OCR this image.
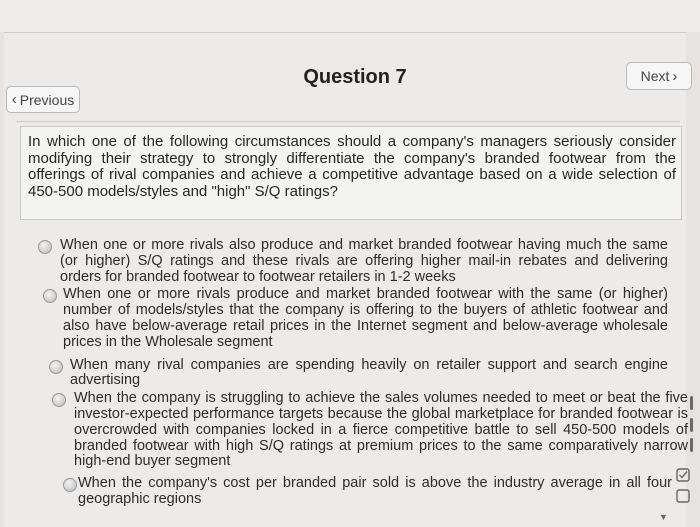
‹ Previous
Question 7	Next ›

In which one of the following circumstances should a company's managers seriously consider modifying their strategy to strongly differentiate the company's branded footwear from the offerings of rival companies and achieve a competitive advantage based on a wide selection of 450-500 models/styles and "high" S/Q ratings?

When one or more rivals also produce and market branded footwear having much the same (or higher) S/Q ratings and these rivals are offering higher mail-in rebates and delivering orders for branded footwear to footwear retailers in 1-2 weeks
When one or more rivals produce and market branded footwear with the same (or higher) number of models/styles that the company is offering to the buyers of athletic footwear and also have below-average retail prices in the Internet segment and below-average wholesale prices in the Wholesale segment
When many rival companies are spending heavily on retailer support and search engine advertising
When the company is struggling to achieve the sales volumes needed to meet or beat the five investor-expected performance targets because the global marketplace for branded footwear is overcrowded with companies locked in a fierce competitive battle to sell 450-500 models of branded footwear with high S/Q ratings at premium prices to the same comparatively narrow high-end buyer segment
When the company's cost per branded pair sold is above the industry average in all four geographic regions
▼
